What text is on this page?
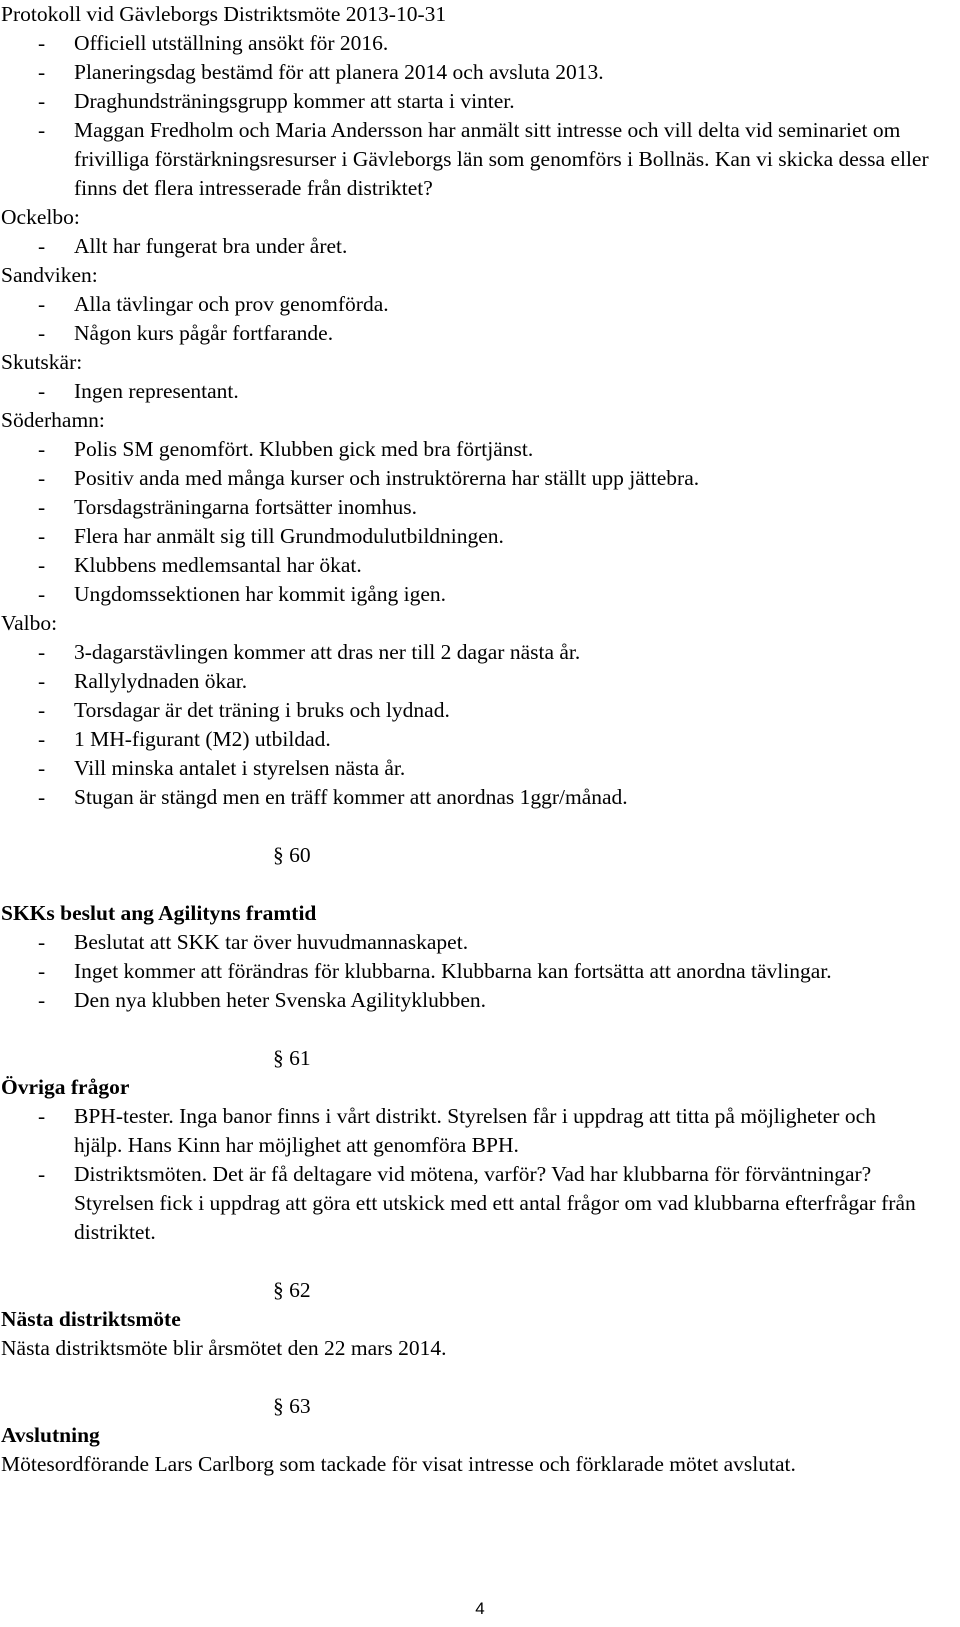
Protokoll vid Gävleborgs Distriktsmöte 2013-10-31
- Officiell utställning ansökt för 2016.
- Planeringsdag bestämd för att planera 2014 och avsluta 2013.
- Draghundsträningsgrupp kommer att starta i vinter.
- Maggan Fredholm och Maria Andersson har anmält sitt intresse och vill delta vid seminariet om frivilliga förstärkningsresurser i Gävleborgs län som genomförs i Bollnäs. Kan vi skicka dessa eller finns det flera intresserade från distriktet?
Ockelbo:
- Allt har fungerat bra under året.
Sandviken:
- Alla tävlingar och prov genomförda.
- Någon kurs pågår fortfarande.
Skutskär:
- Ingen representant.
Söderhamn:
- Polis SM genomfört. Klubben gick med bra förtjänst.
- Positiv anda med många kurser och instruktörerna har ställt upp jättebra.
- Torsdagsträningarna fortsätter inomhus.
- Flera har anmält sig till Grundmodulutbildningen.
- Klubbens medlemsantal har ökat.
- Ungdomssektionen har kommit igång igen.
Valbo:
- 3-dagarstävlingen kommer att dras ner till 2 dagar nästa år.
- Rallylydnaden ökar.
- Torsdagar är det träning i bruks och lydnad.
- 1 MH-figurant (M2) utbildad.
- Vill minska antalet i styrelsen nästa år.
- Stugan är stängd men en träff kommer att anordnas 1ggr/månad.
§ 60
SKKs beslut ang Agilityns framtid
- Beslutat att SKK tar över huvudmannaskapet.
- Inget kommer att förändras för klubbarna. Klubbarna kan fortsätta att anordna tävlingar.
- Den nya klubben heter Svenska Agilityklubben.
§ 61
Övriga frågor
- BPH-tester. Inga banor finns i vårt distrikt. Styrelsen får i uppdrag att titta på möjligheter och hjälp. Hans Kinn har möjlighet att genomföra BPH.
- Distriktsmöten. Det är få deltagare vid mötena, varför? Vad har klubbarna för förväntningar? Styrelsen fick i uppdrag att göra ett utskick med ett antal frågor om vad klubbarna efterfrågar från distriktet.
§ 62
Nästa distriktsmöte
Nästa distriktsmöte blir årsmötet den 22 mars 2014.
§ 63
Avslutning
Mötesordförande Lars Carlborg som tackade för visat intresse och förklarade mötet avslutat.
4
